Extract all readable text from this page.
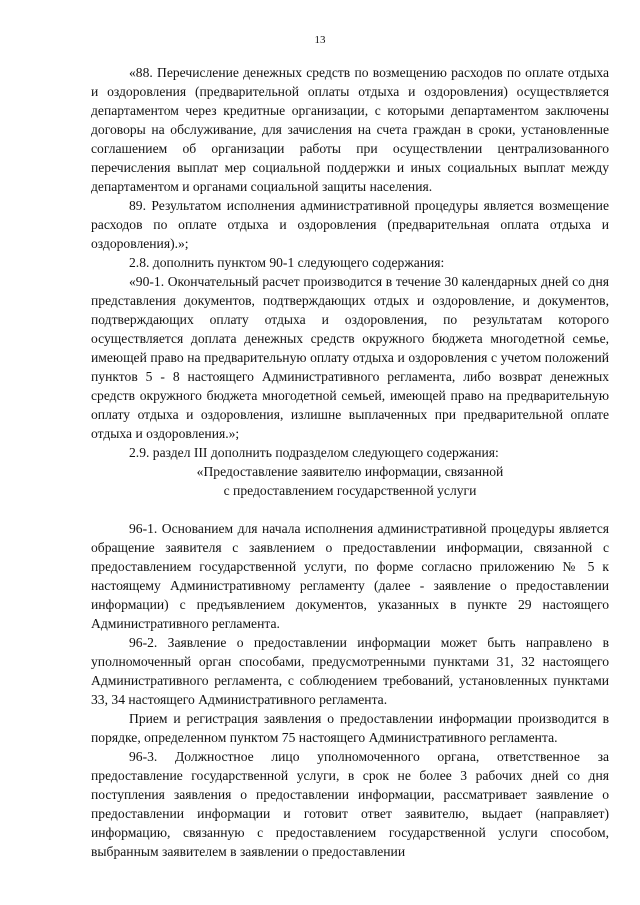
13

«88. Перечисление денежных средств по возмещению расходов по оплате отдыха и оздоровления (предварительной оплаты отдыха и оздоровления) осуществляется департаментом через кредитные организации, с которыми департаментом заключены договоры на обслуживание, для зачисления на счета граждан в сроки, установленные соглашением об организации работы при осуществлении централизованного перечисления выплат мер социальной поддержки и иных социальных выплат между департаментом и органами социальной защиты населения.

89. Результатом исполнения административной процедуры является возмещение расходов по оплате отдыха и оздоровления (предварительная оплата отдыха и оздоровления).»;

2.8. дополнить пунктом 90-1 следующего содержания:

«90-1. Окончательный расчет производится в течение 30 календарных дней со дня представления документов, подтверждающих отдых и оздоровление, и документов, подтверждающих оплату отдыха и оздоровления, по результатам которого осуществляется доплата денежных средств окружного бюджета многодетной семье, имеющей право на предварительную оплату отдыха и оздоровления с учетом положений пунктов 5 - 8 настоящего Административного регламента, либо возврат денежных средств окружного бюджета многодетной семьей, имеющей право на предварительную оплату отдыха и оздоровления, излишне выплаченных при предварительной оплате отдыха и оздоровления.»;

2.9. раздел III дополнить подразделом следующего содержания:

«Предоставление заявителю информации, связанной

с предоставлением государственной услуги

96-1. Основанием для начала исполнения административной процедуры является обращение заявителя с заявлением о предоставлении информации, связанной с предоставлением государственной услуги, по форме согласно приложению № 5 к настоящему Административному регламенту (далее - заявление о предоставлении информации) с предъявлением документов, указанных в пункте 29 настоящего Административного регламента.

96-2. Заявление о предоставлении информации может быть направлено в уполномоченный орган способами, предусмотренными пунктами 31, 32 настоящего Административного регламента, с соблюдением требований, установленных пунктами 33, 34 настоящего Административного регламента.

Прием и регистрация заявления о предоставлении информации производится в порядке, определенном пунктом 75 настоящего Административного регламента.

96-3. Должностное лицо уполномоченного органа, ответственное за предоставление государственной услуги, в срок не более 3 рабочих дней со дня поступления заявления о предоставлении информации, рассматривает заявление о предоставлении информации и готовит ответ заявителю, выдает (направляет) информацию, связанную с предоставлением государственной услуги способом, выбранным заявителем в заявлении о предоставлении
